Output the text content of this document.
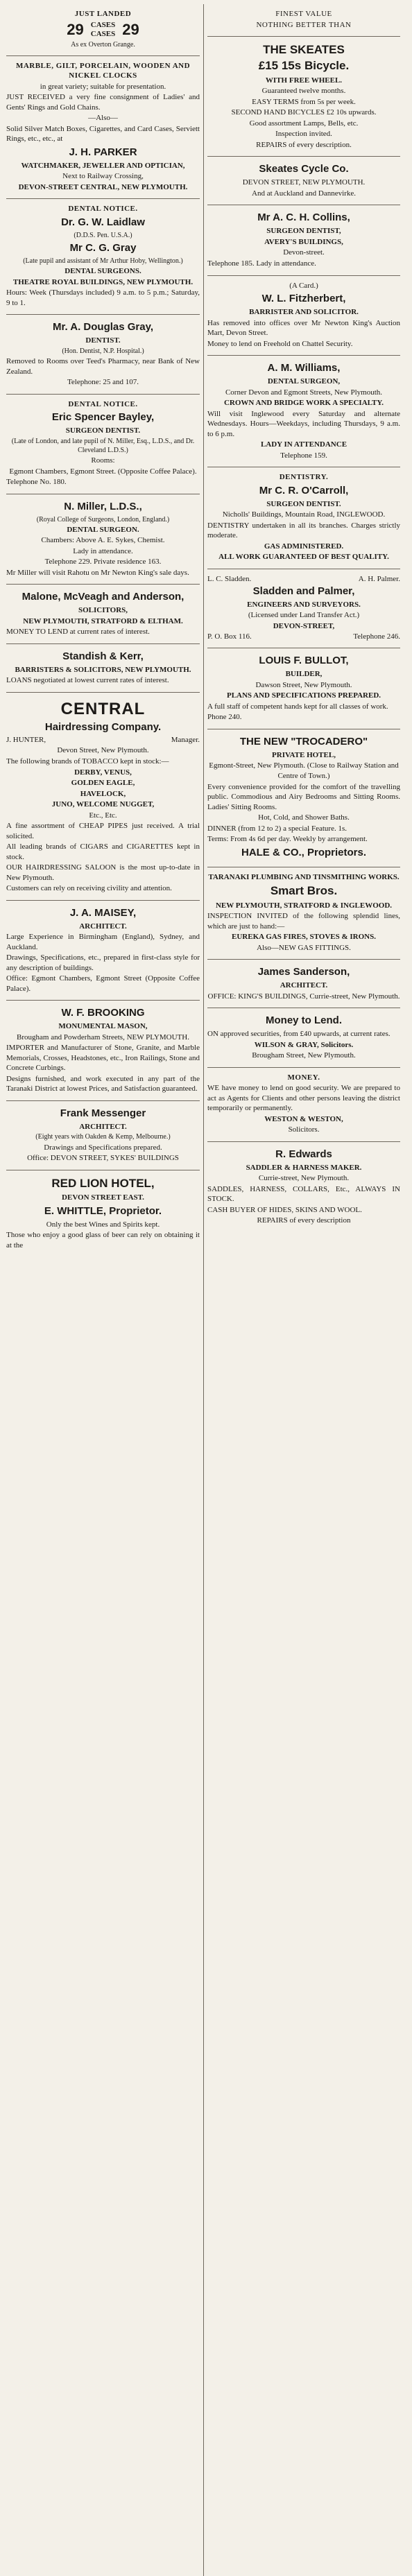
JUST LANDED
29 CASES
CASES 29
As ex Overton Grange.
MARBLE, GILT, PORCELAIN, WOODEN AND NICKEL CLOCKS
in great variety; suitable for presentation.
JUST RECEIVED a very fine consignment of Ladies' and Gents' Rings and Gold Chains.
—Also—
Solid Silver Match Boxes, Cigarettes, and Card Cases, Serviett Rings, etc., etc., at
J. H. PARKER
WATCHMAKER, JEWELLER AND OPTICIAN,
Next to Railway Crossing,
DEVON-STREET CENTRAL, NEW PLYMOUTH.
DENTAL NOTICE.
Dr. G. W. Laidlaw
(D.D.S. Pen. U.S.A.)
Mr C. G. Gray
(Late pupil and assistant of Mr Arthur Hoby, Wellington.)
DENTAL SURGEONS.
THEATRE ROYAL BUILDINGS, NEW PLYMOUTH.
Hours: Week (Thursdays included) 9 a.m. to 5 p.m.; Saturday, 9 to 1.
Mr. A. Douglas Gray,
DENTIST.
(Hon. Dentist, N.P. Hospital.)
Removed to Rooms over Teed's Pharmacy, near Bank of New Zealand.
Telephone: 25 and 107.
DENTAL NOTICE.
Eric Spencer Bayley,
SURGEON DENTIST.
(Late of London, and late pupil of N. Miller, Esq., L.D.S., and Dr. Cleveland L.D.S.)
Rooms:
Egmont Chambers, Egmont Street. (Opposite Coffee Palace).
Telephone No. 180.
N. Miller, L.D.S.,
(Royal College of Surgeons, London, England.)
DENTAL SURGEON.
Chambers: Above A. E. Sykes, Chemist.
Lady in attendance.
Telephone 229. Private residence 163.
Mr Miller will visit Rahotu on Mr Newton King's sale days.
Malone, McVeagh and Anderson,
SOLICITORS,
NEW PLYMOUTH, STRATFORD & ELTHAM.
MONEY TO LEND at current rates of interest.
Standish & Kerr,
BARRISTERS & SOLICITORS, NEW PLYMOUTH.
LOANS negotiated at lowest current rates of interest.
CENTRAL
Hairdressing Company.
J. HUNTER,	Manager.
Devon Street, New Plymouth.
The following brands of TOBACCO kept in stock:—
DERBY, VENUS,
GOLDEN EAGLE,
HAVELOCK,
JUNO, WELCOME NUGGET,
Etc., Etc.
A fine assortment of CHEAP PIPES just received. A trial solicited.
All leading brands of CIGARS and CIGARETTES kept in stock.
OUR HAIRDRESSING SALOON is the most up-to-date in New Plymouth.
Customers can rely on receiving civility and attention.
J. A. MAISEY,
ARCHITECT.
Large Experience in Birmingham (England), Sydney, and Auckland.
Drawings, Specifications, etc., prepared in first-class style for any description of buildings.
Office: Egmont Chambers, Egmont Street (Opposite Coffee Palace).
W. F. BROOKING
MONUMENTAL MASON,
Brougham and Powderham Streets, NEW PLYMOUTH.
IMPORTER and Manufacturer of Stone, Granite, and Marble Memorials, Crosses, Headstones, etc., Iron Railings, Stone and Concrete Curbings.
Designs furnished, and work executed in any part of the Taranaki District at lowest Prices, and Satisfaction guaranteed.
Frank Messenger
ARCHITECT.
(Eight years with Oakden & Kemp, Melbourne.)
Drawings and Specifications prepared.
Office: DEVON STREET, SYKES' BUILDINGS
RED LION HOTEL,
DEVON STREET EAST.
E. WHITTLE, Proprietor.
Only the best Wines and Spirits kept.
Those who enjoy a good glass of beer can rely on obtaining it at the
FINEST VALUE
NOTHING BETTER THAN
THE SKEATES
£15 15s Bicycle.
WITH FREE WHEEL.
Guaranteed twelve months.
EASY TERMS from 5s per week.
SECOND HAND BICYCLES £2 10s upwards.
Good assortment Lamps, Bells, etc.
Inspection invited.
REPAIRS of every description.
Skeates Cycle Co.
DEVON STREET, NEW PLYMOUTH.
And at Auckland and Dannevirke.
Mr A. C. H. Collins,
SURGEON DENTIST,
AVERY'S BUILDINGS,
Devon-street.
Telephone 185. Lady in attendance.
(A Card.)
W. L. Fitzherbert,
BARRISTER AND SOLICITOR.
Has removed into offices over Mr Newton King's Auction Mart, Devon Street.
Money to lend on Freehold on Chattel Security.
A. M. Williams,
DENTAL SURGEON,
Corner Devon and Egmont Streets, New Plymouth.
CROWN AND BRIDGE WORK A SPECIALTY.
Will visit Inglewood every Saturday and alternate Wednesdays. Hours—Weekdays, including Thursdays, 9 a.m. to 6 p.m.
LADY IN ATTENDANCE
Telephone 159.
DENTISTRY.
Mr C. R. O'Carroll,
SURGEON DENTIST.
Nicholls' Buildings, Mountain Road, INGLEWOOD.
DENTISTRY undertaken in all its branches. Charges strictly moderate.
GAS ADMINISTERED.
ALL WORK GUARANTEED OF BEST QUALITY.
L. C. Sladden.	A. H. Palmer.
Sladden and Palmer,
ENGINEERS AND SURVEYORS.
(Licensed under Land Transfer Act.)
DEVON-STREET,
P. O. Box 116.	Telephone 246.
LOUIS F. BULLOT,
BUILDER,
Dawson Street, New Plymouth.
PLANS AND SPECIFICATIONS PREPARED.
A full staff of competent hands kept for all classes of work.
Phone 240.
THE NEW "TROCADERO"
PRIVATE HOTEL,
Egmont-Street, New Plymouth. (Close to Railway Station and Centre of Town.)
Every convenience provided for the comfort of the travelling public. Commodious and Airy Bedrooms and Sitting Rooms. Ladies' Sitting Rooms.
Hot, Cold, and Shower Baths.
DINNER (from 12 to 2) a special Feature. 1s.
Terms: From 4s 6d per day. Weekly by arrangement.
HALE & CO., Proprietors.
TARANAKI PLUMBING AND TINSMITHING WORKS.
Smart Bros.
NEW PLYMOUTH, STRATFORD & INGLEWOOD.
INSPECTION INVITED of the following splendid lines, which are just to hand:—
EUREKA GAS FIRES, STOVES & IRONS.
Also—NEW GAS FITTINGS.
James Sanderson,
ARCHITECT.
OFFICE: KING'S BUILDINGS, Currie-street, New Plymouth.
Money to Lend.
ON approved securities, from £40 upwards, at current rates.
WILSON & GRAY, Solicitors.
Brougham Street, New Plymouth.
MONEY.
WE have money to lend on good security. We are prepared to act as Agents for Clients and other persons leaving the district temporarily or permanently.
WESTON & WESTON,
Solicitors.
R. Edwards
SADDLER & HARNESS MAKER.
Currie-street, New Plymouth.
SADDLES, HARNESS, COLLARS, Etc., ALWAYS IN STOCK.
CASH BUYER OF HIDES, SKINS AND WOOL.
REPAIRS of every description
